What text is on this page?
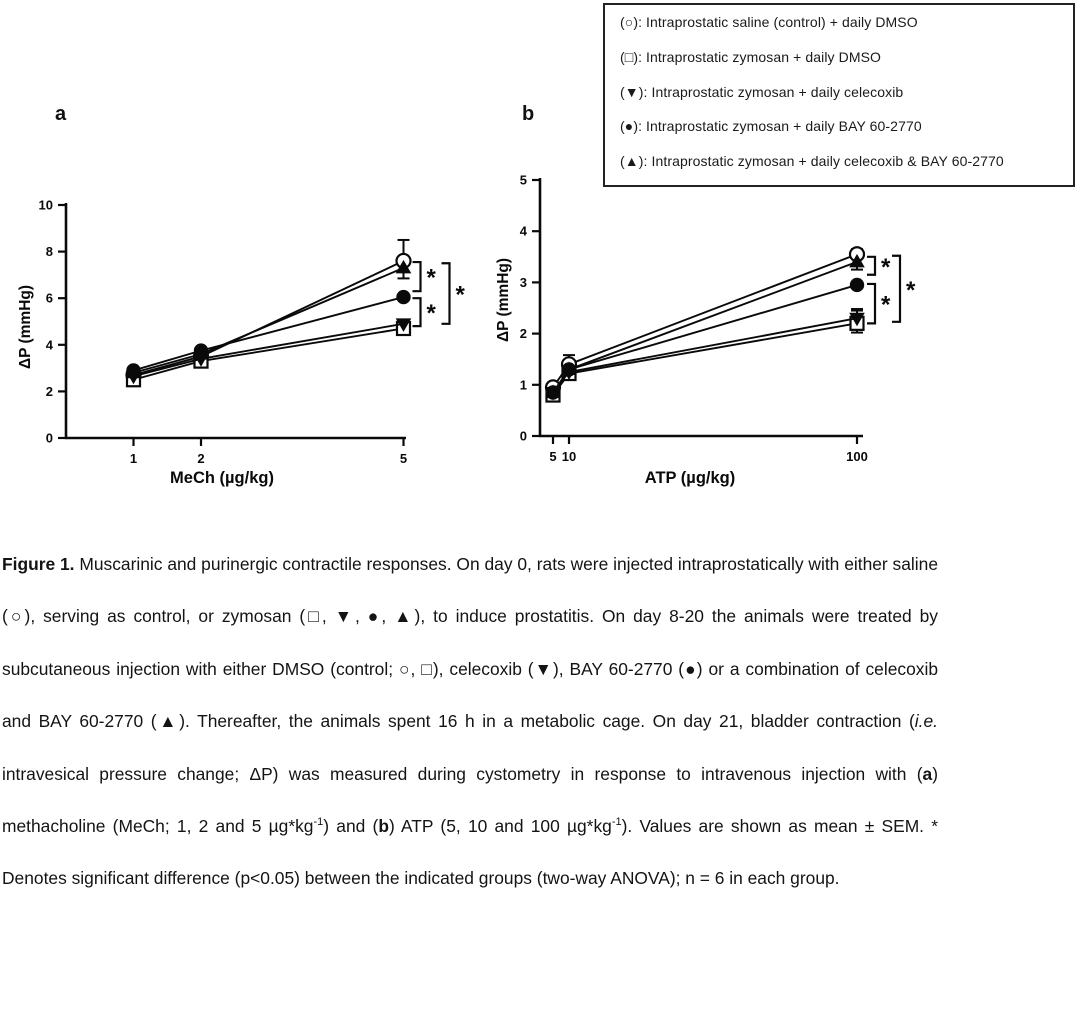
(○): Intraprostatic saline (control) + daily DMSO
(□): Intraprostatic zymosan + daily DMSO
(▼): Intraprostatic zymosan + daily celecoxib
(●): Intraprostatic zymosan + daily BAY 60-2770
(▲): Intraprostatic zymosan + daily celecoxib & BAY 60-2770
a	b
0
2
4
6
8
10
1	2	5
MeCh (µg/kg)
ΔP (mmHg)
*
*
*
0
1
2
3
4
5
5 10	100
ATP (µg/kg)
ΔP (mmHg)	*
*
*

Figure 1. Muscarinic and purinergic contractile responses. On day 0, rats were injected intraprostatically with either saline (○), serving as control, or zymosan (□, ▼, ●, ▲), to induce prostatitis. On day 8-20 the animals were treated by subcutaneous injection with either DMSO (control; ○, □), celecoxib (▼), BAY 60-2770 (●) or a combination of celecoxib and BAY 60-2770 (▲). Thereafter, the animals spent 16 h in a metabolic cage. On day 21, bladder contraction (i.e. intravesical pressure change; ΔP) was measured during cystometry in response to intravenous injection with (a) methacholine (MeCh; 1, 2 and 5 $\mu g*kg^{-1}$) and (b) ATP (5, 10 and 100 $\mu g*kg^{-1}$). Values are shown as mean ± SEM. * Denotes significant difference (p<0.05) between the indicated groups (two-way ANOVA); n = 6 in each group.
